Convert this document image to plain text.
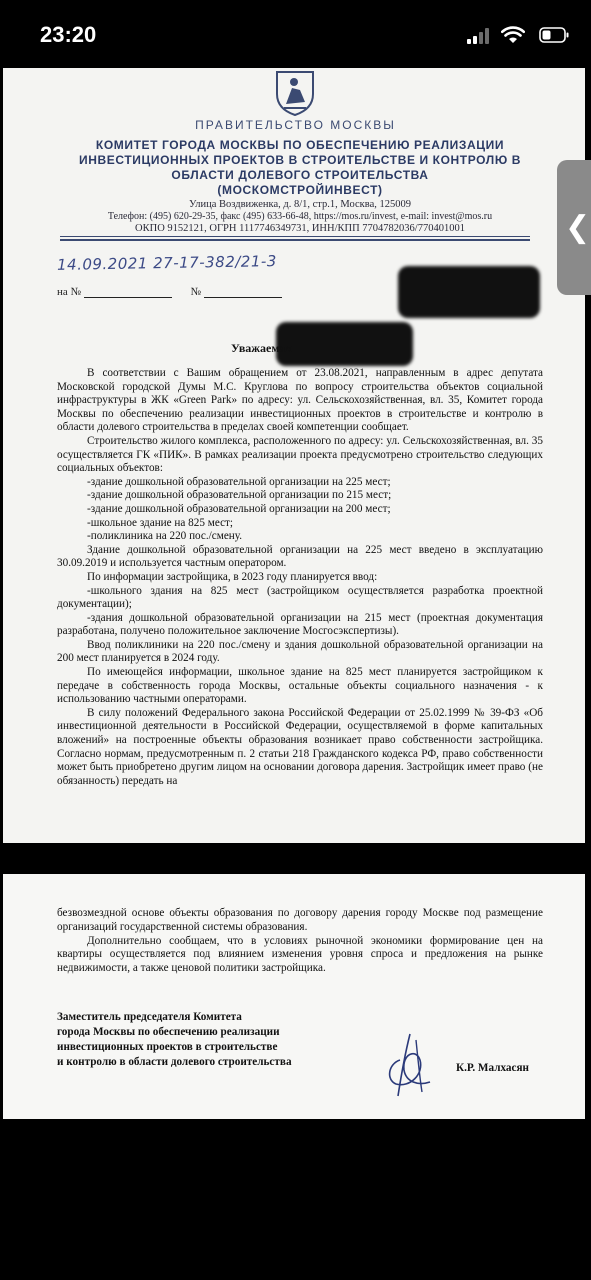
23:20
ПРАВИТЕЛЬСТВО МОСКВЫ
КОМИТЕТ ГОРОДА МОСКВЫ ПО ОБЕСПЕЧЕНИЮ РЕАЛИЗАЦИИ
ИНВЕСТИЦИОННЫХ ПРОЕКТОВ В СТРОИТЕЛЬСТВЕ И КОНТРОЛЮ В
ОБЛАСТИ ДОЛЕВОГО СТРОИТЕЛЬСТВА
(МОСКОМСТРОЙИНВЕСТ)
Улица Воздвиженка, д. 8/1, стр.1, Москва, 125009
Телефон: (495) 620-29-35, факс (495) 633-66-48, https://mos.ru/invest, e-mail: invest@mos.ru
ОКПО 9152121, ОГРН 1117746349731, ИНН/КПП 7704782036/770401001
14.09.2021 27-17-382/21-3
на №	№
Уважаемая

В соответствии с Вашим обращением от 23.08.2021, направленным в адрес депутата Московской городской Думы М.С. Круглова по вопросу строительства объектов социальной инфраструктуры в ЖК «Green Park» по адресу: ул. Сельскохозяйственная, вл. 35, Комитет города Москвы по обеспечению реализации инвестиционных проектов в строительстве и контролю в области долевого строительства в пределах своей компетенции сообщает.

Строительство жилого комплекса, расположенного по адресу: ул. Сельскохозяйственная, вл. 35 осуществляется ГК «ПИК». В рамках реализации проекта предусмотрено строительство следующих социальных объектов:

-здание дошкольной образовательной организации на 225 мест;

-здание дошкольной образовательной организации по 215 мест;

-здание дошкольной образовательной организации на 200 мест;

-школьное здание на 825 мест;

-поликлиника на 220 пос./смену.

Здание дошкольной образовательной организации на 225 мест введено в эксплуатацию 30.09.2019 и используется частным оператором.

По информации застройщика, в 2023 году планируется ввод:

-школьного здания на 825 мест (застройщиком осуществляется разработка проектной документации);

-здания дошкольной образовательной организации на 215 мест (проектная документация разработана, получено положительное заключение Мосгосэкспертизы).

Ввод поликлиники на 220 пос./смену и здания дошкольной образовательной организации на 200 мест планируется в 2024 году.

По имеющейся информации, школьное здание на 825 мест планируется застройщиком к передаче в собственность города Москвы, остальные объекты социального назначения - к использованию частными операторами.

В силу положений Федерального закона Российской Федерации от 25.02.1999 № 39-ФЗ «Об инвестиционной деятельности в Российской Федерации, осуществляемой в форме капитальных вложений» на построенные объекты образования возникает право собственности застройщика. Согласно нормам, предусмотренным п. 2 статьи 218 Гражданского кодекса РФ, право собственности может быть приобретено другим лицом на основании договора дарения. Застройщик имеет право (не обязанность) передать на

❮

безвозмездной основе объекты образования по договору дарения городу Москве под размещение организаций государственной системы образования.

Дополнительно сообщаем, что в условиях рыночной экономики формирование цен на квартиры осуществляется под влиянием изменения уровня спроса и предложения на рынке недвижимости, а также ценовой политики застройщика.

Заместитель председателя Комитета
города Москвы по обеспечению реализации
инвестиционных проектов в строительстве
и контролю в области долевого строительства	К.Р. Малхасян
